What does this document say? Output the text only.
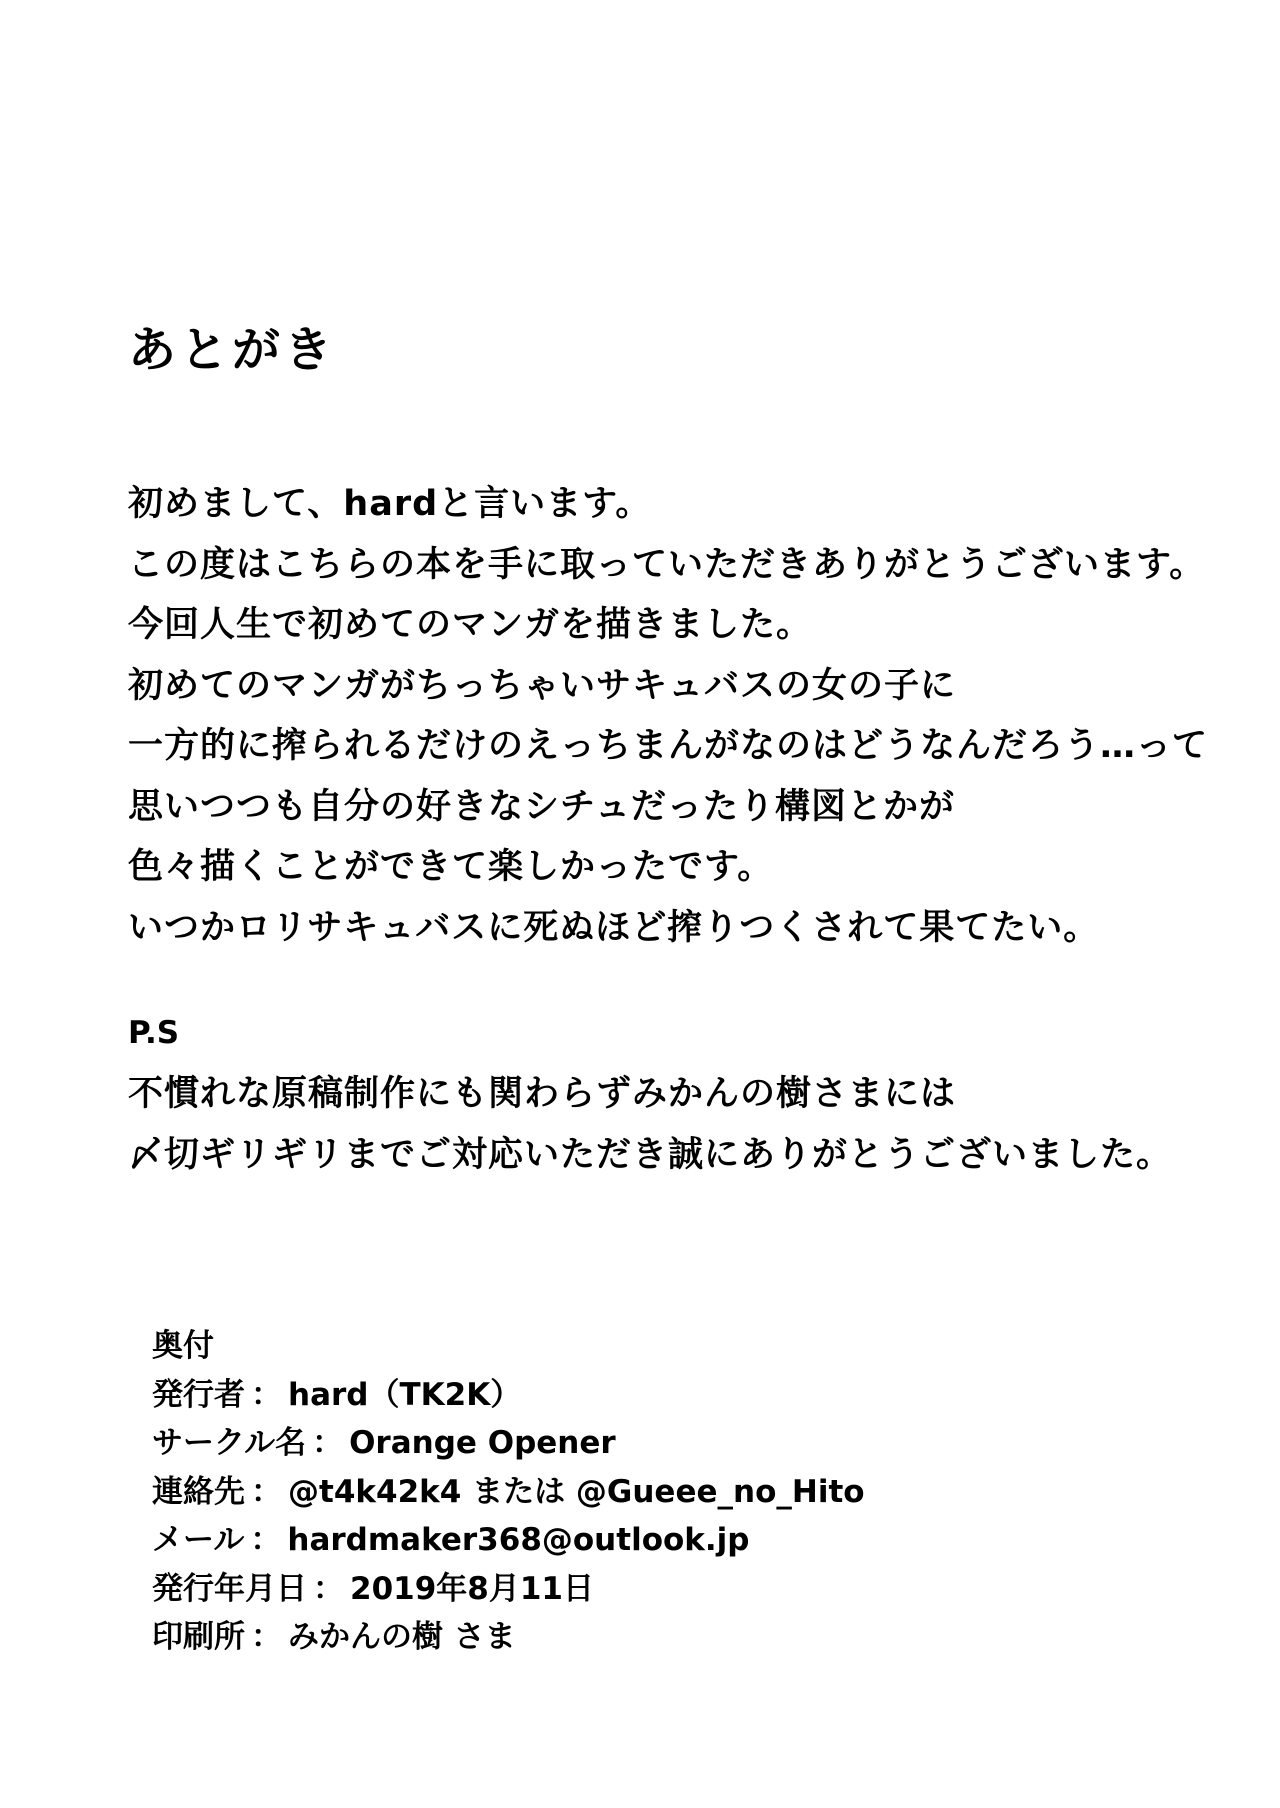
あとがき
初めまして、hardと言います。
この度はこちらの本を手に取っていただきありがとうございます。
今回人生で初めてのマンガを描きました。
初めてのマンガがちっちゃいサキュバスの女の子に
一方的に搾られるだけのえっちまんがなのはどうなんだろう…って
思いつつも自分の好きなシチュだったり構図とかが
色々描くことができて楽しかったです。
いつかロリサキュバスに死ぬほど搾りつくされて果てたい。
P.S
不慣れな原稿制作にも関わらずみかんの樹さまには
〆切ギリギリまでご対応いただき誠にありがとうございました。
奥付
発行者 ： hard（TK2K）
サークル名 ： Orange Opener
連絡先 ： @t4k42k4 または @Gueee_no_Hito
メール ： hardmaker368@outlook.jp
発行年月日 ： 2019年8月11日
印刷所 ： みかんの樹 さま
